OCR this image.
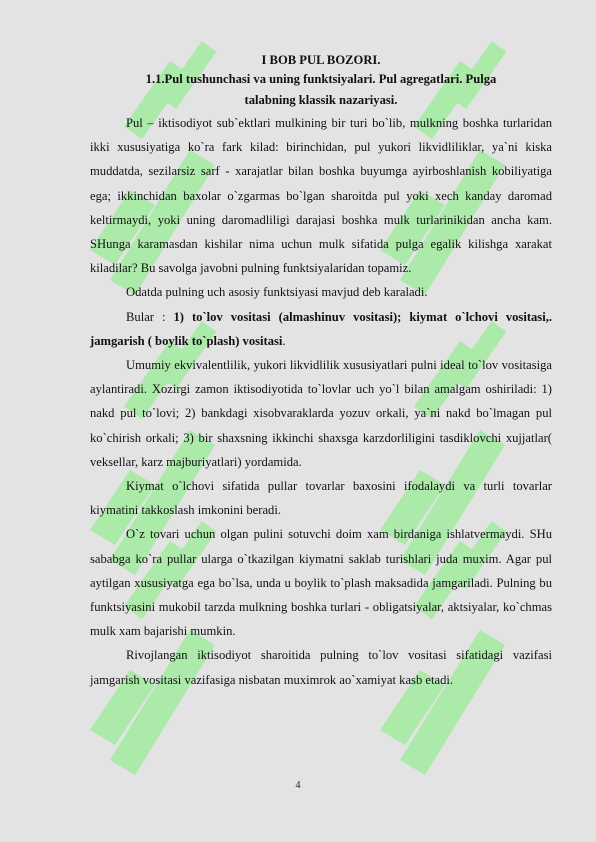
I BOB PUL BOZORI.
1.1.Pul tushunchasi va uning funktsiyalari. Pul agregatlari. Pulga
talabning klassik nazariyasi.

Pul – iktisodiyot sub`ektlari mulkining bir turi bo`lib, mulkning boshka turlaridan ikki xususiyatiga ko`ra fark kilad: birinchidan, pul yukori likvidliliklar, ya`ni kiska muddatda, sezilarsiz sarf - xarajatlar bilan boshka buyumga ayirboshlanish kobiliyatiga ega; ikkinchidan baxolar o`zgarmas bo`lgan sharoitda pul yoki xech kanday daromad keltirmaydi, yoki uning daromadliligi darajasi boshka mulk turlarinikidan ancha kam. SHunga karamasdan kishilar nima uchun mulk sifatida pulga egalik kilishga xarakat kiladilar? Bu savolga javobni pulning funktsiyalaridan topamiz.

Odatda pulning uch asosiy funktsiyasi mavjud deb karaladi.

Bular : 1) to`lov vositasi (almashinuv vositasi); kiymat o`lchovi vositasi,. jamgarish ( boylik to`plash) vositasi.

Umumiy ekvivalentlilik, yukori likvidlilik xususiyatlari pulni ideal to`lov vositasiga aylantiradi. Xozirgi zamon iktisodiyotida to`lovlar uch yo`l bilan amalgam oshiriladi: 1) nakd pul to`lovi; 2) bankdagi xisobvaraklarda yozuv orkali, ya`ni nakd bo`lmagan pul ko`chirish orkali; 3) bir shaxsning ikkinchi shaxsga karzdorliligini tasdiklovchi xujjatlar( veksellar, karz majburiyatlari) yordamida.

Kiymat o`lchovi sifatida pullar tovarlar baxosini ifodalaydi va turli tovarlar kiymatini takkoslash imkonini beradi.

O`z tovari uchun olgan pulini sotuvchi doim xam birdaniga ishlatvermaydi. SHu sababga ko`ra pullar ularga o`tkazilgan kiymatni saklab turishlari juda muxim. Agar pul aytilgan xususiyatga ega bo`lsa, unda u boylik to`plash maksadida jamgariladi. Pulning bu funktsiyasini mukobil tarzda mulkning boshka turlari - obligatsiyalar, aktsiyalar, ko`chmas mulk xam bajarishi mumkin.

Rivojlangan iktisodiyot sharoitida pulning to`lov vositasi sifatidagi vazifasi jamgarish vositasi vazifasiga nisbatan muximrok ao`xamiyat kasb etadi.

4
